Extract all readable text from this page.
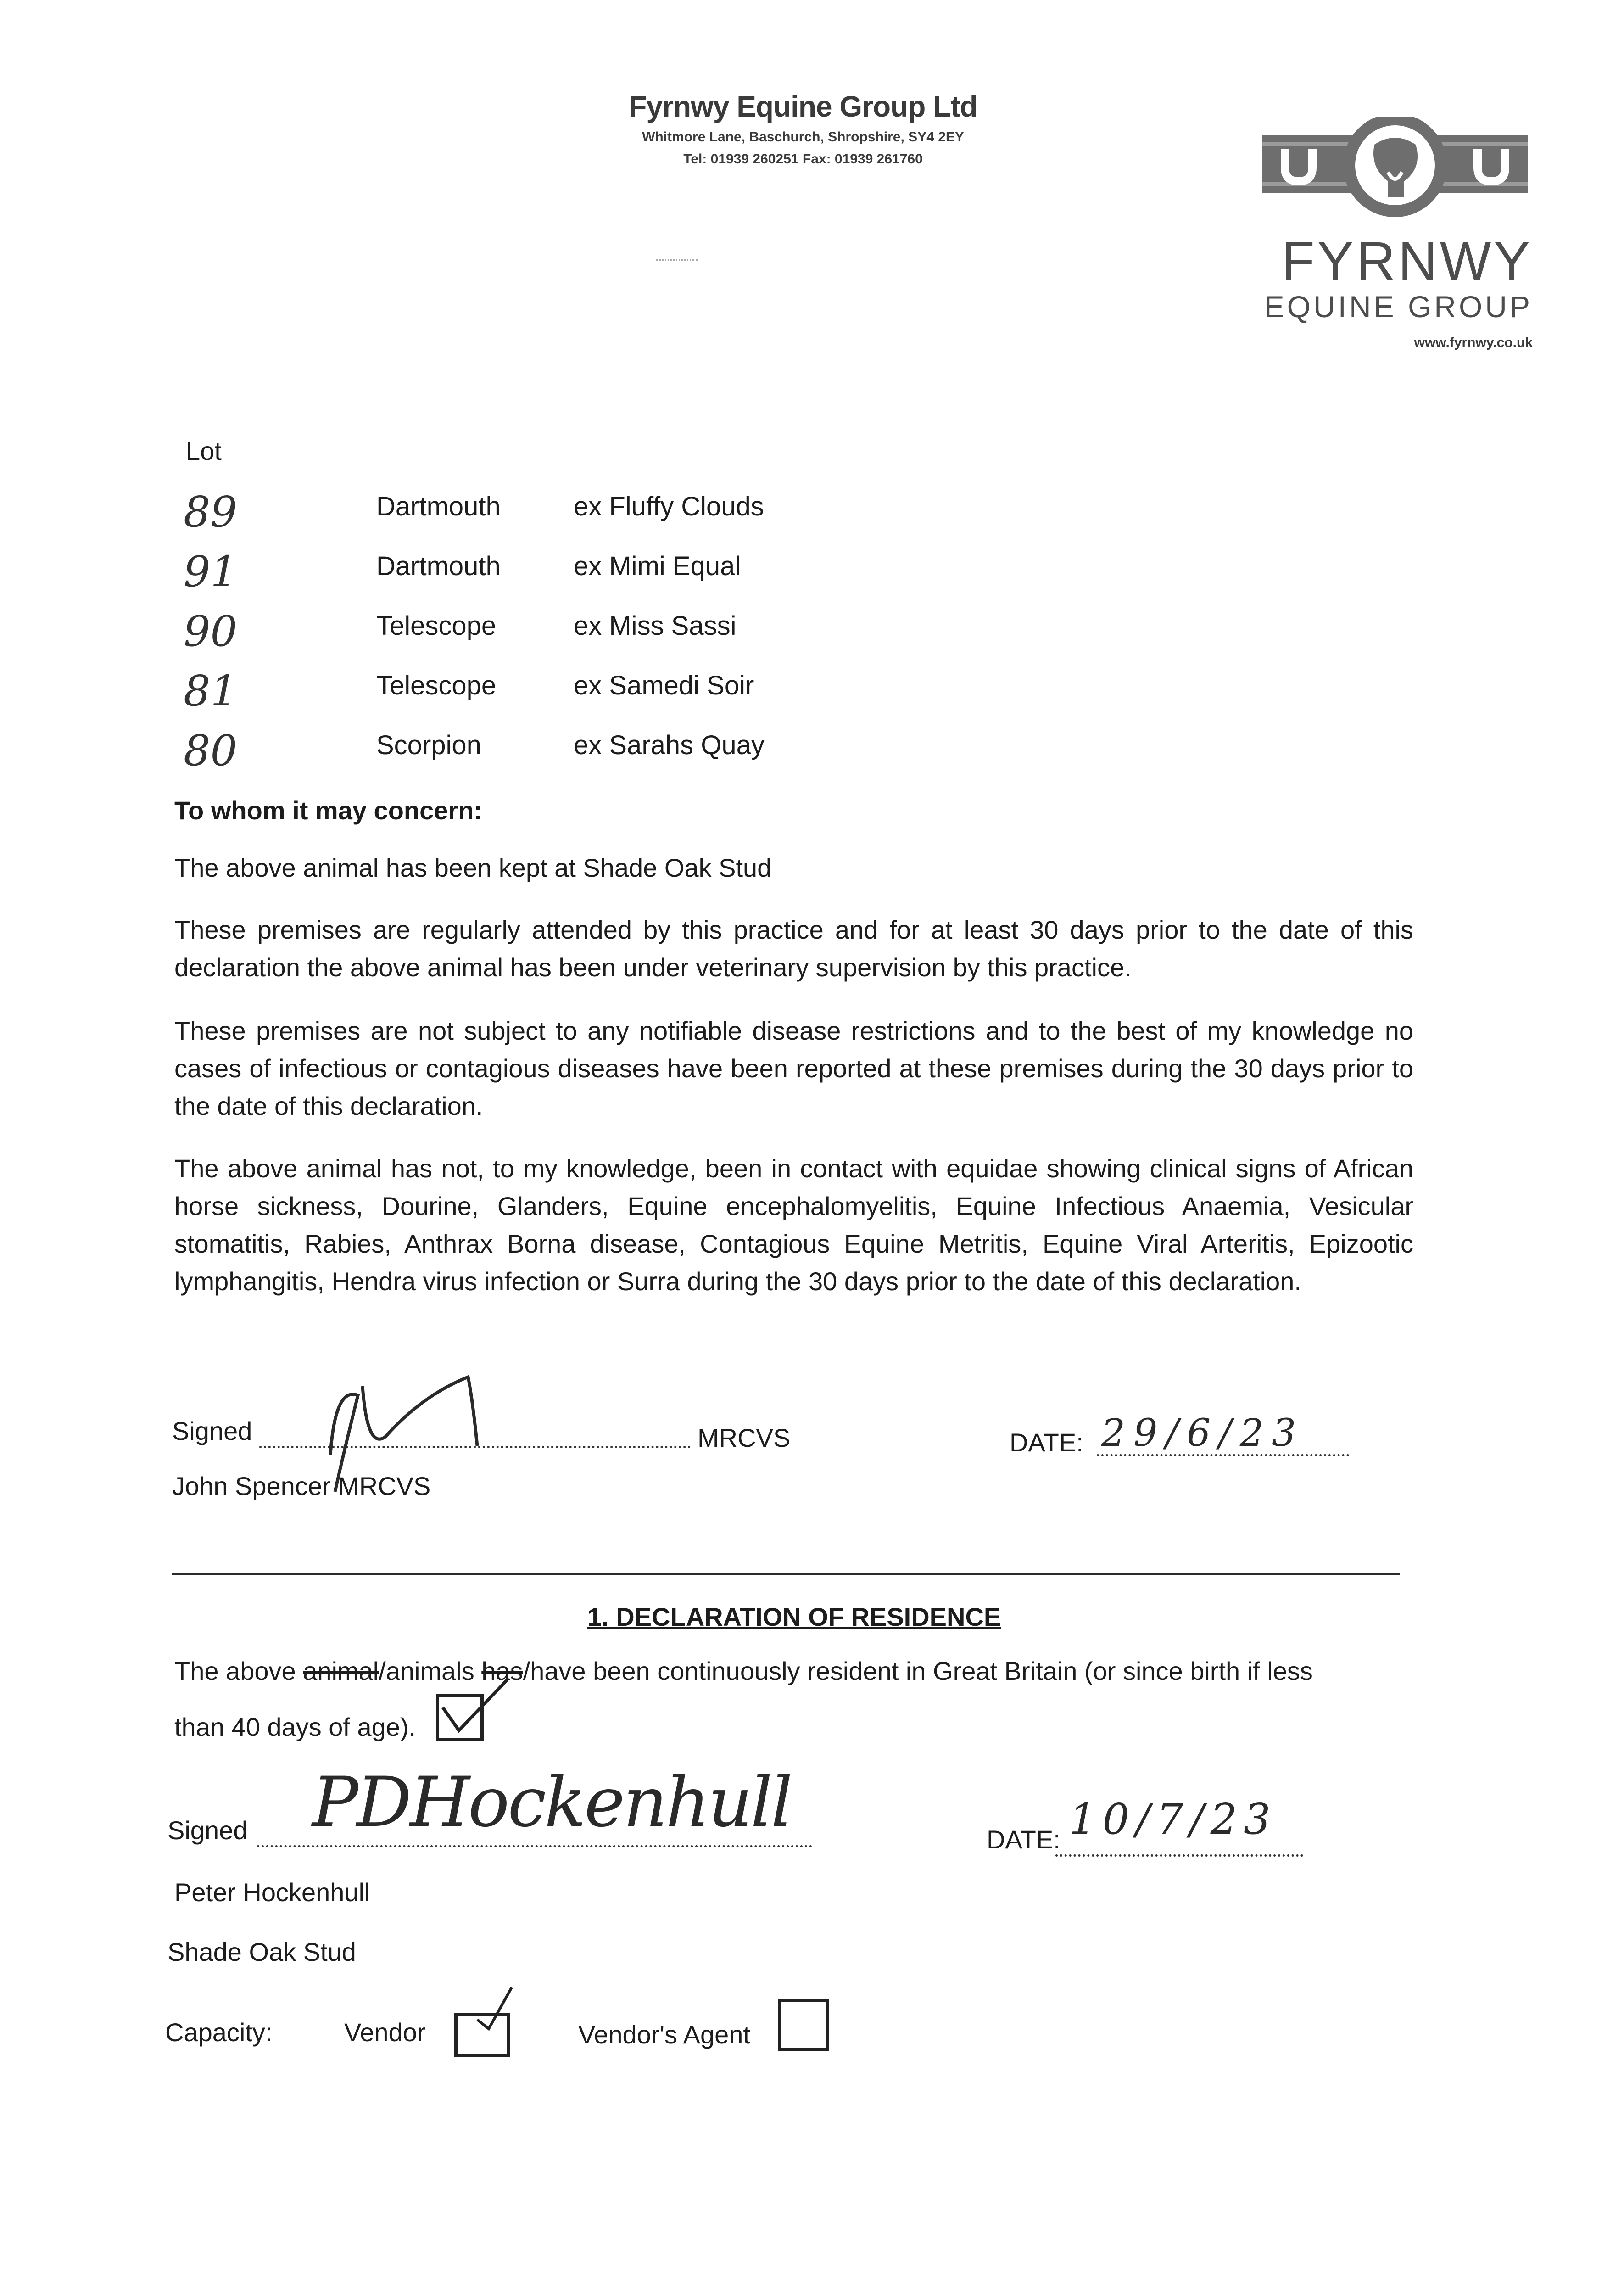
Fyrnwy Equine Group Ltd
Whitmore Lane, Baschurch, Shropshire, SY4 2EY
Tel: 01939 260251 Fax: 01939 261760
FYRNWY
EQUINE GROUP
www.fyrnwy.co.uk
Lot
89	Dartmouth	ex Fluffy Clouds
91	Dartmouth	ex Mimi Equal
90	Telescope	ex Miss Sassi
81	Telescope	ex Samedi Soir
80	Scorpion	ex Sarahs Quay
To whom it may concern:
The above animal has been kept at Shade Oak Stud
These premises are regularly attended by this practice and for at least 30 days prior to the date of this declaration the above animal has been under veterinary supervision by this practice.
These premises are not subject to any notifiable disease restrictions and to the best of my knowledge no cases of infectious or contagious diseases have been reported at these premises during the 30 days prior to the date of this declaration.
The above animal has not, to my knowledge, been in contact with equidae showing clinical signs of African horse sickness, Dourine, Glanders, Equine encephalomyelitis, Equine Infectious Anaemia, Vesicular stomatitis, Rabies, Anthrax Borna disease, Contagious Equine Metritis, Equine Viral Arteritis, Epizootic lymphangitis, Hendra virus infection or Surra during the 30 days prior to the date of this declaration.
Signed	MRCVS	DATE: 29/6/23
John Spencer MRCVS
1. DECLARATION OF RESIDENCE
The above animal/animals has/have been continuously resident in Great Britain (or since birth if less
than 40 days of age).
Signed PDHockenhull	DATE: 10/7/23
Peter Hockenhull
Shade Oak Stud
Capacity:	Vendor	Vendor's Agent
